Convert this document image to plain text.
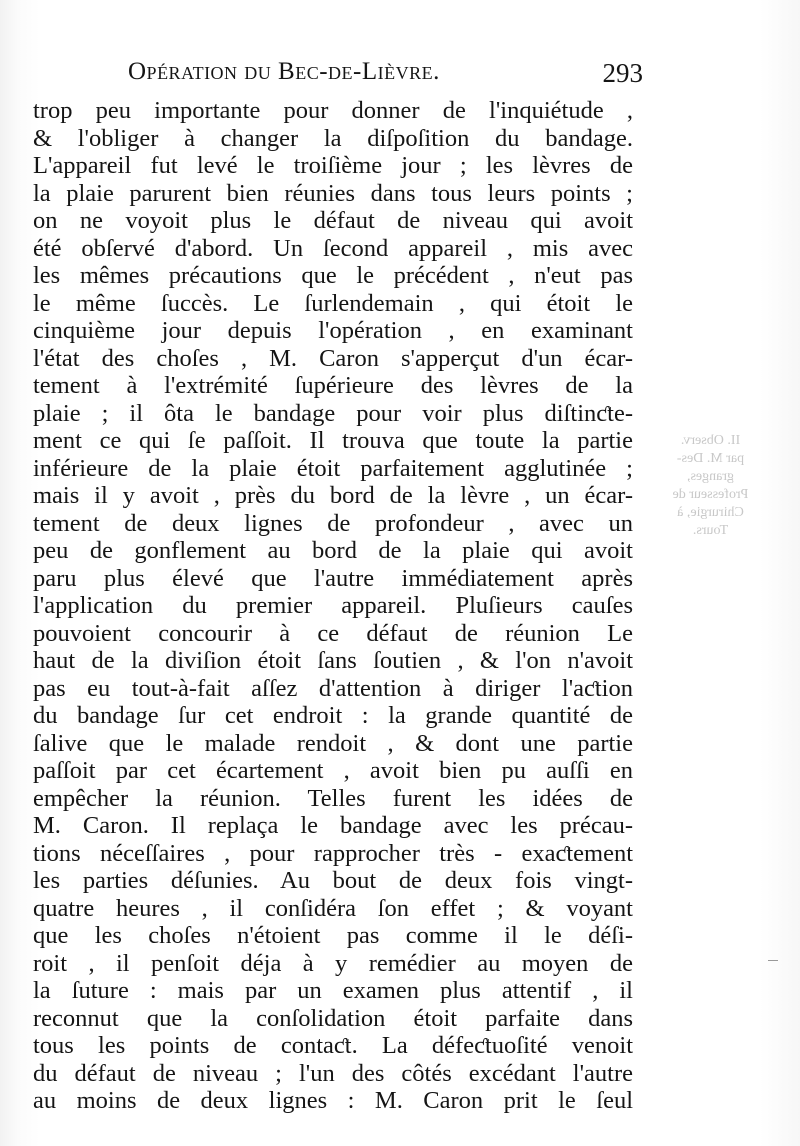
Opération du Bec-de-Lièvre.	293
trop peu importante pour donner de l'inquiétude ,
& l'obliger à changer la diſpoſition du bandage.
L'appareil fut levé le troiſième jour ; les lèvres de
la plaie parurent bien réunies dans tous leurs points ;
on ne voyoit plus le défaut de niveau qui avoit
été obſervé d'abord. Un ſecond appareil , mis avec
les mêmes précautions que le précédent , n'eut pas
le même ſuccès. Le ſurlendemain , qui étoit le
cinquième jour depuis l'opération , en examinant
l'état des choſes , M. Caron s'apperçut d'un écar-
tement à l'extrémité ſupérieure des lèvres de la
plaie ; il ôta le bandage pour voir plus diſtinƈte-
ment ce qui ſe paſſoit. Il trouva que toute la partie
inférieure de la plaie étoit parfaitement agglutinée ;
mais il y avoit , près du bord de la lèvre , un écar-
tement de deux lignes de profondeur , avec un
peu de gonflement au bord de la plaie qui avoit
paru plus élevé que l'autre immédiatement après
l'application du premier appareil. Pluſieurs cauſes
pouvoient concourir à ce défaut de réunion Le
haut de la diviſion étoit ſans ſoutien , & l'on n'avoit
pas eu tout-à-fait aſſez d'attention à diriger l'aƈtion
du bandage ſur cet endroit : la grande quantité de
ſalive que le malade rendoit , & dont une partie
paſſoit par cet écartement , avoit bien pu auſſi en
empêcher la réunion. Telles furent les idées de
M. Caron. Il replaça le bandage avec les précau-
tions néceſſaires , pour rapprocher très - exaƈtement
les parties déſunies. Au bout de deux fois vingt-
quatre heures , il conſidéra ſon effet ; & voyant
que les choſes n'étoient pas comme il le déſi-
roit , il penſoit déja à y remédier au moyen de
la ſuture : mais par un examen plus attentif , il
reconnut que la conſolidation étoit parfaite dans
tous les points de contaƈt. La défeƈtuoſité venoit
du défaut de niveau ; l'un des côtés excédant l'autre
au moins de deux lignes : M. Caron prit le ſeul
II. Observ.
par M. Des-
granges,
Professeur de
Chirurgie, à
Tours.
